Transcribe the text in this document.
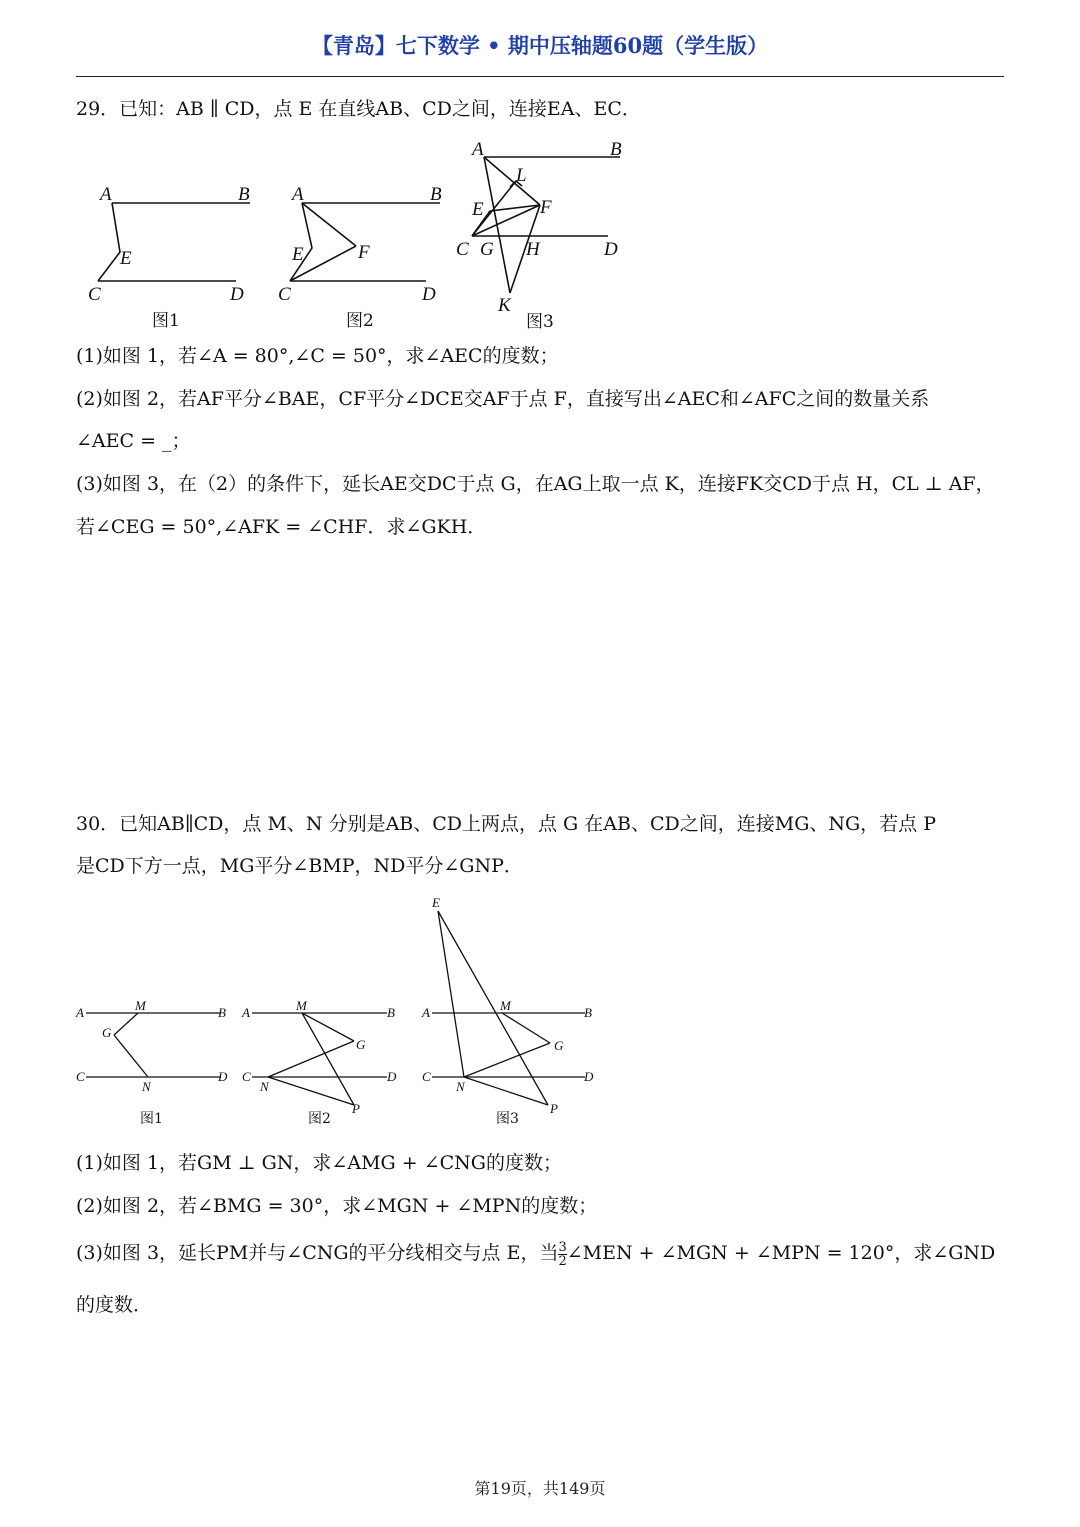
【青岛】七下数学 • 期中压轴题60题（学生版）
29．已知：AB ∥ CD，点 E 在直线AB、CD之间，连接EA、EC．
A	B
E
C	D
图1
A	B
E	F
C	D
图2
A	B
L
E	F
C G H	D
K
图3
(1)如图 1，若∠A = 80°,∠C = 50°，求∠AEC的度数；
(2)如图 2，若AF平分∠BAE，CF平分∠DCE交AF于点 F，直接写出∠AEC和∠AFC之间的数量关系
∠AEC = _；
(3)如图 3，在（2）的条件下，延长AE交DC于点 G，在AG上取一点 K，连接FK交CD于点 H，CL ⊥ AF，
若∠CEG = 50°,∠AFK = ∠CHF．求∠GKH．
30．已知AB∥CD，点 M、N 分别是AB、CD上两点，点 G 在AB、CD之间，连接MG、NG，若点 P
是CD下方一点，MG平分∠BMP，ND平分∠GNP．
A	M	B
G
C
N
D
图1
A	M	B
G
C
N
D
P
图2
E
A	M	B
G
C
N
D
P
图3
(1)如图 1，若GM ⊥ GN，求∠AMG + ∠CNG的度数；
(2)如图 2，若∠BMG = 30°，求∠MGN + ∠MPN的度数；
(3)如图 3，延长PM并与∠CNG的平分线相交与点 E，当 $\frac{3}{2}$ ∠MEN + ∠MGN + ∠MPN = 120°，求∠GND
的度数．
第19页，共149页
